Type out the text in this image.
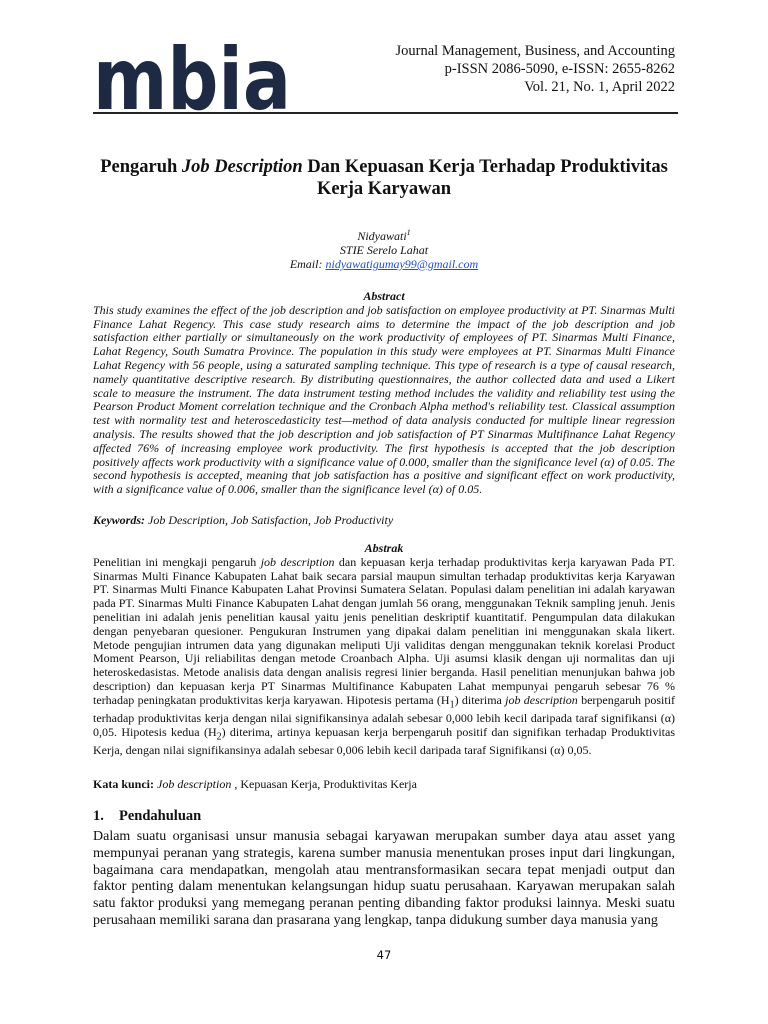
mbia	Journal Management, Business, and Accounting
p-ISSN 2086-5090, e-ISSN: 2655-8262
Vol. 21, No. 1, April 2022
Pengaruh Job Description Dan Kepuasan Kerja Terhadap Produktivitas
Kerja Karyawan
Nidyawati$^1$
STIE Serelo Lahat
Email: nidyawatigumay99@gmail.com
Abstract
This study examines the effect of the job description and job satisfaction on employee productivity at PT. Sinarmas Multi Finance Lahat Regency. This case study research aims to determine the impact of the job description and job satisfaction either partially or simultaneously on the work productivity of employees of PT. Sinarmas Multi Finance, Lahat Regency, South Sumatra Province. The population in this study were employees at PT. Sinarmas Multi Finance Lahat Regency with 56 people, using a saturated sampling technique. This type of research is a type of causal research, namely quantitative descriptive research. By distributing questionnaires, the author collected data and used a Likert scale to measure the instrument. The data instrument testing method includes the validity and reliability test using the Pearson Product Moment correlation technique and the Cronbach Alpha method's reliability test. Classical assumption test with normality test and heteroscedasticity test—method of data analysis conducted for multiple linear regression analysis. The results showed that the job description and job satisfaction of PT Sinarmas Multifinance Lahat Regency affected 76% of increasing employee work productivity. The first hypothesis is accepted that the job description positively affects work productivity with a significance value of 0.000, smaller than the significance level (α) of 0.05. The second hypothesis is accepted, meaning that job satisfaction has a positive and significant effect on work productivity, with a significance value of 0.006, smaller than the significance level (α) of 0.05.
Keywords: Job Description, Job Satisfaction, Job Productivity
Abstrak

Penelitian ini mengkaji pengaruh job description dan kepuasan kerja terhadap produktivitas kerja karyawan Pada PT. Sinarmas Multi Finance Kabupaten Lahat baik secara parsial maupun simultan terhadap produktivitas kerja Karyawan PT. Sinarmas Multi Finance Kabupaten Lahat Provinsi Sumatera Selatan. Populasi dalam penelitian ini adalah karyawan pada PT. Sinarmas Multi Finance Kabupaten Lahat dengan jumlah 56 orang, menggunakan Teknik sampling jenuh. Jenis penelitian ini adalah jenis penelitian kausal yaitu jenis penelitian deskriptif kuantitatif. Pengumpulan data dilakukan dengan penyebaran quesioner. Pengukuran Instrumen yang dipakai dalam penelitian ini menggunakan skala likert. Metode pengujian intrumen data yang digunakan meliputi Uji validitas dengan menggunakan teknik korelasi Product Moment Pearson, Uji reliabilitas dengan metode Croanbach Alpha. Uji asumsi klasik dengan uji normalitas dan uji heteroskedasistas. Metode analisis data dengan analisis regresi linier berganda. Hasil penelitian menunjukan bahwa job description) dan kepuasan kerja PT Sinarmas Multifinance Kabupaten Lahat mempunyai pengaruh sebesar 76 % terhadap peningkatan produktivitas kerja karyawan. Hipotesis pertama $(H_1)$ diterima job description berpengaruh positif terhadap produktivitas kerja dengan nilai signifikansinya adalah sebesar 0,000 lebih kecil daripada taraf signifikansi (α) 0,05. Hipotesis kedua $(H_2)$ diterima, artinya kepuasan kerja berpengaruh positif dan signifikan terhadap Produktivitas Kerja, dengan nilai signifikansinya adalah sebesar 0,006 lebih kecil daripada taraf Signifikansi (α) 0,05.

Kata kunci: Job description , Kepuasan Kerja, Produktivitas Kerja
1. Pendahuluan
Dalam suatu organisasi unsur manusia sebagai karyawan merupakan sumber daya atau asset yang mempunyai peranan yang strategis, karena sumber manusia menentukan proses input dari lingkungan, bagaimana cara mendapatkan, mengolah atau mentransformasikan secara tepat menjadi output dan faktor penting dalam menentukan kelangsungan hidup suatu perusahaan. Karyawan merupakan salah satu faktor produksi yang memegang peranan penting dibanding faktor produksi lainnya. Meski suatu perusahaan memiliki sarana dan prasarana yang lengkap, tanpa didukung sumber daya manusia yang
47
